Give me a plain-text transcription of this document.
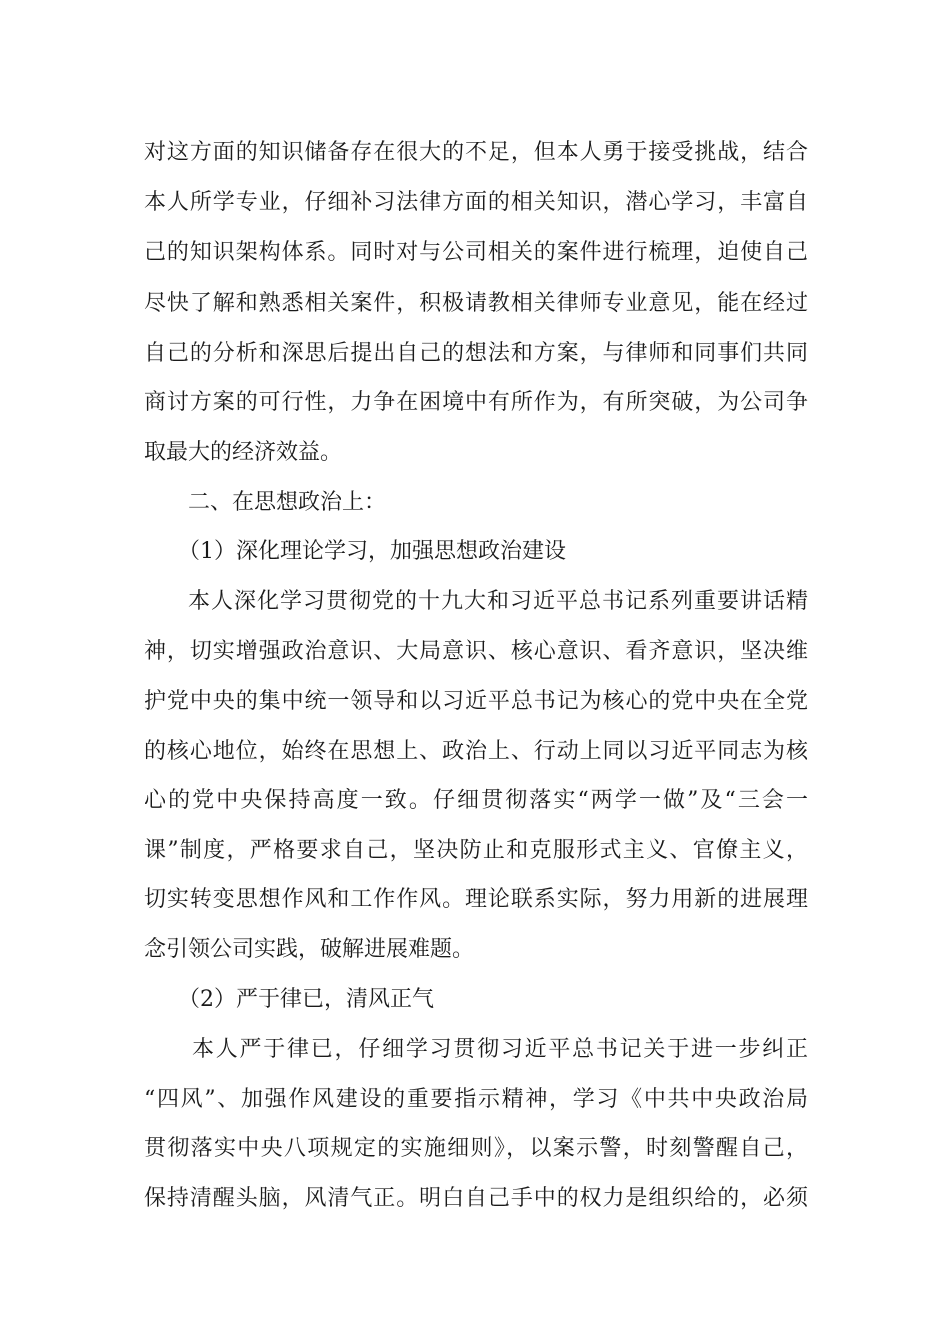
对这方面的知识储备存在很大的不足，但本人勇于接受挑战，结合
本人所学专业，仔细补习法律方面的相关知识，潜心学习，丰富自
己的知识架构体系。同时对与公司相关的案件进行梳理，迫使自己
尽快了解和熟悉相关案件，积极请教相关律师专业意见，能在经过
自己的分析和深思后提出自己的想法和方案，与律师和同事们共同
商讨方案的可行性，力争在困境中有所作为，有所突破，为公司争
取最大的经济效益。
二、在思想政治上：
（1）深化理论学习，加强思想政治建设
本人深化学习贯彻党的十九大和习近平总书记系列重要讲话精
神，切实增强政治意识、大局意识、核心意识、看齐意识，坚决维
护党中央的集中统一领导和以习近平总书记为核心的党中央在全党
的核心地位，始终在思想上、政治上、行动上同以习近平同志为核
心的党中央保持高度一致。仔细贯彻落实“两学一做”及“三会一
课”制度，严格要求自己，坚决防止和克服形式主义、官僚主义，
切实转变思想作风和工作作风。理论联系实际，努力用新的进展理
念引领公司实践，破解进展难题。
（2）严于律已，清风正气
本人严于律已，仔细学习贯彻习近平总书记关于进一步纠正
“四风”、加强作风建设的重要指示精神，学习《中共中央政治局
贯彻落实中央八项规定的实施细则》，以案示警，时刻警醒自己，
保持清醒头脑，风清气正。明白自己手中的权力是组织给的，必须
